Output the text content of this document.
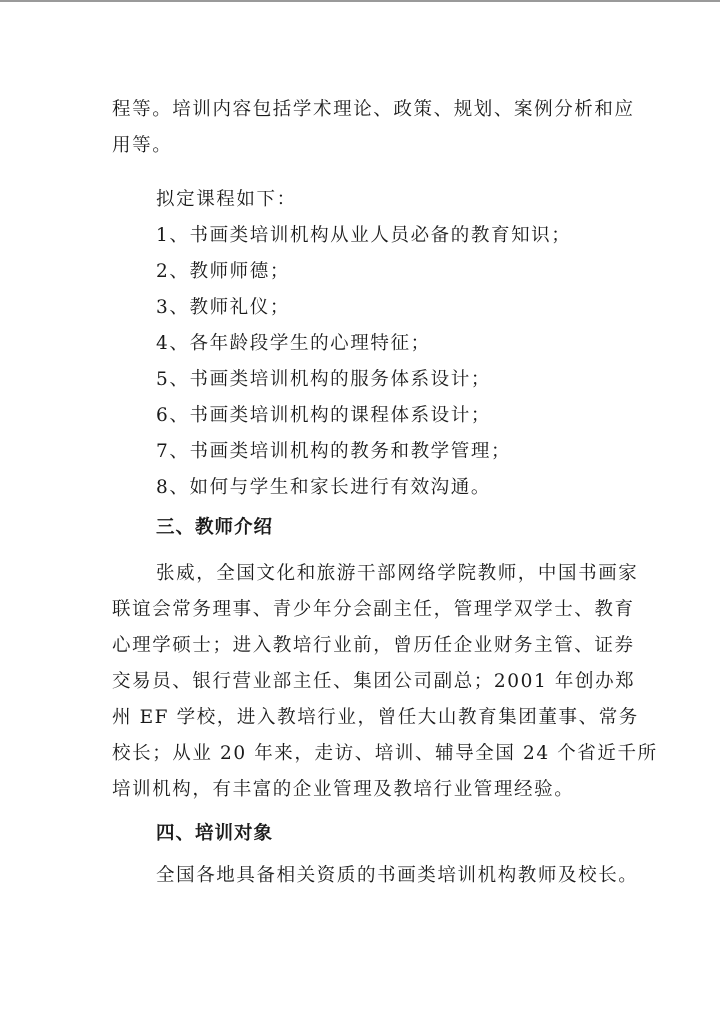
程等。培训内容包括学术理论、政策、规划、案例分析和应
用等。
拟定课程如下：
1、书画类培训机构从业人员必备的教育知识；
2、教师师德；
3、教师礼仪；
4、各年龄段学生的心理特征；
5、书画类培训机构的服务体系设计；
6、书画类培训机构的课程体系设计；
7、书画类培训机构的教务和教学管理；
8、如何与学生和家长进行有效沟通。
三、教师介绍
张威，全国文化和旅游干部网络学院教师，中国书画家
联谊会常务理事、青少年分会副主任，管理学双学士、教育
心理学硕士；进入教培行业前，曾历任企业财务主管、证券
交易员、银行营业部主任、集团公司副总；2001 年创办郑
州 EF 学校，进入教培行业，曾任大山教育集团董事、常务
校长；从业 20 年来，走访、培训、辅导全国 24 个省近千所
培训机构，有丰富的企业管理及教培行业管理经验。
四、培训对象
全国各地具备相关资质的书画类培训机构教师及校长。
